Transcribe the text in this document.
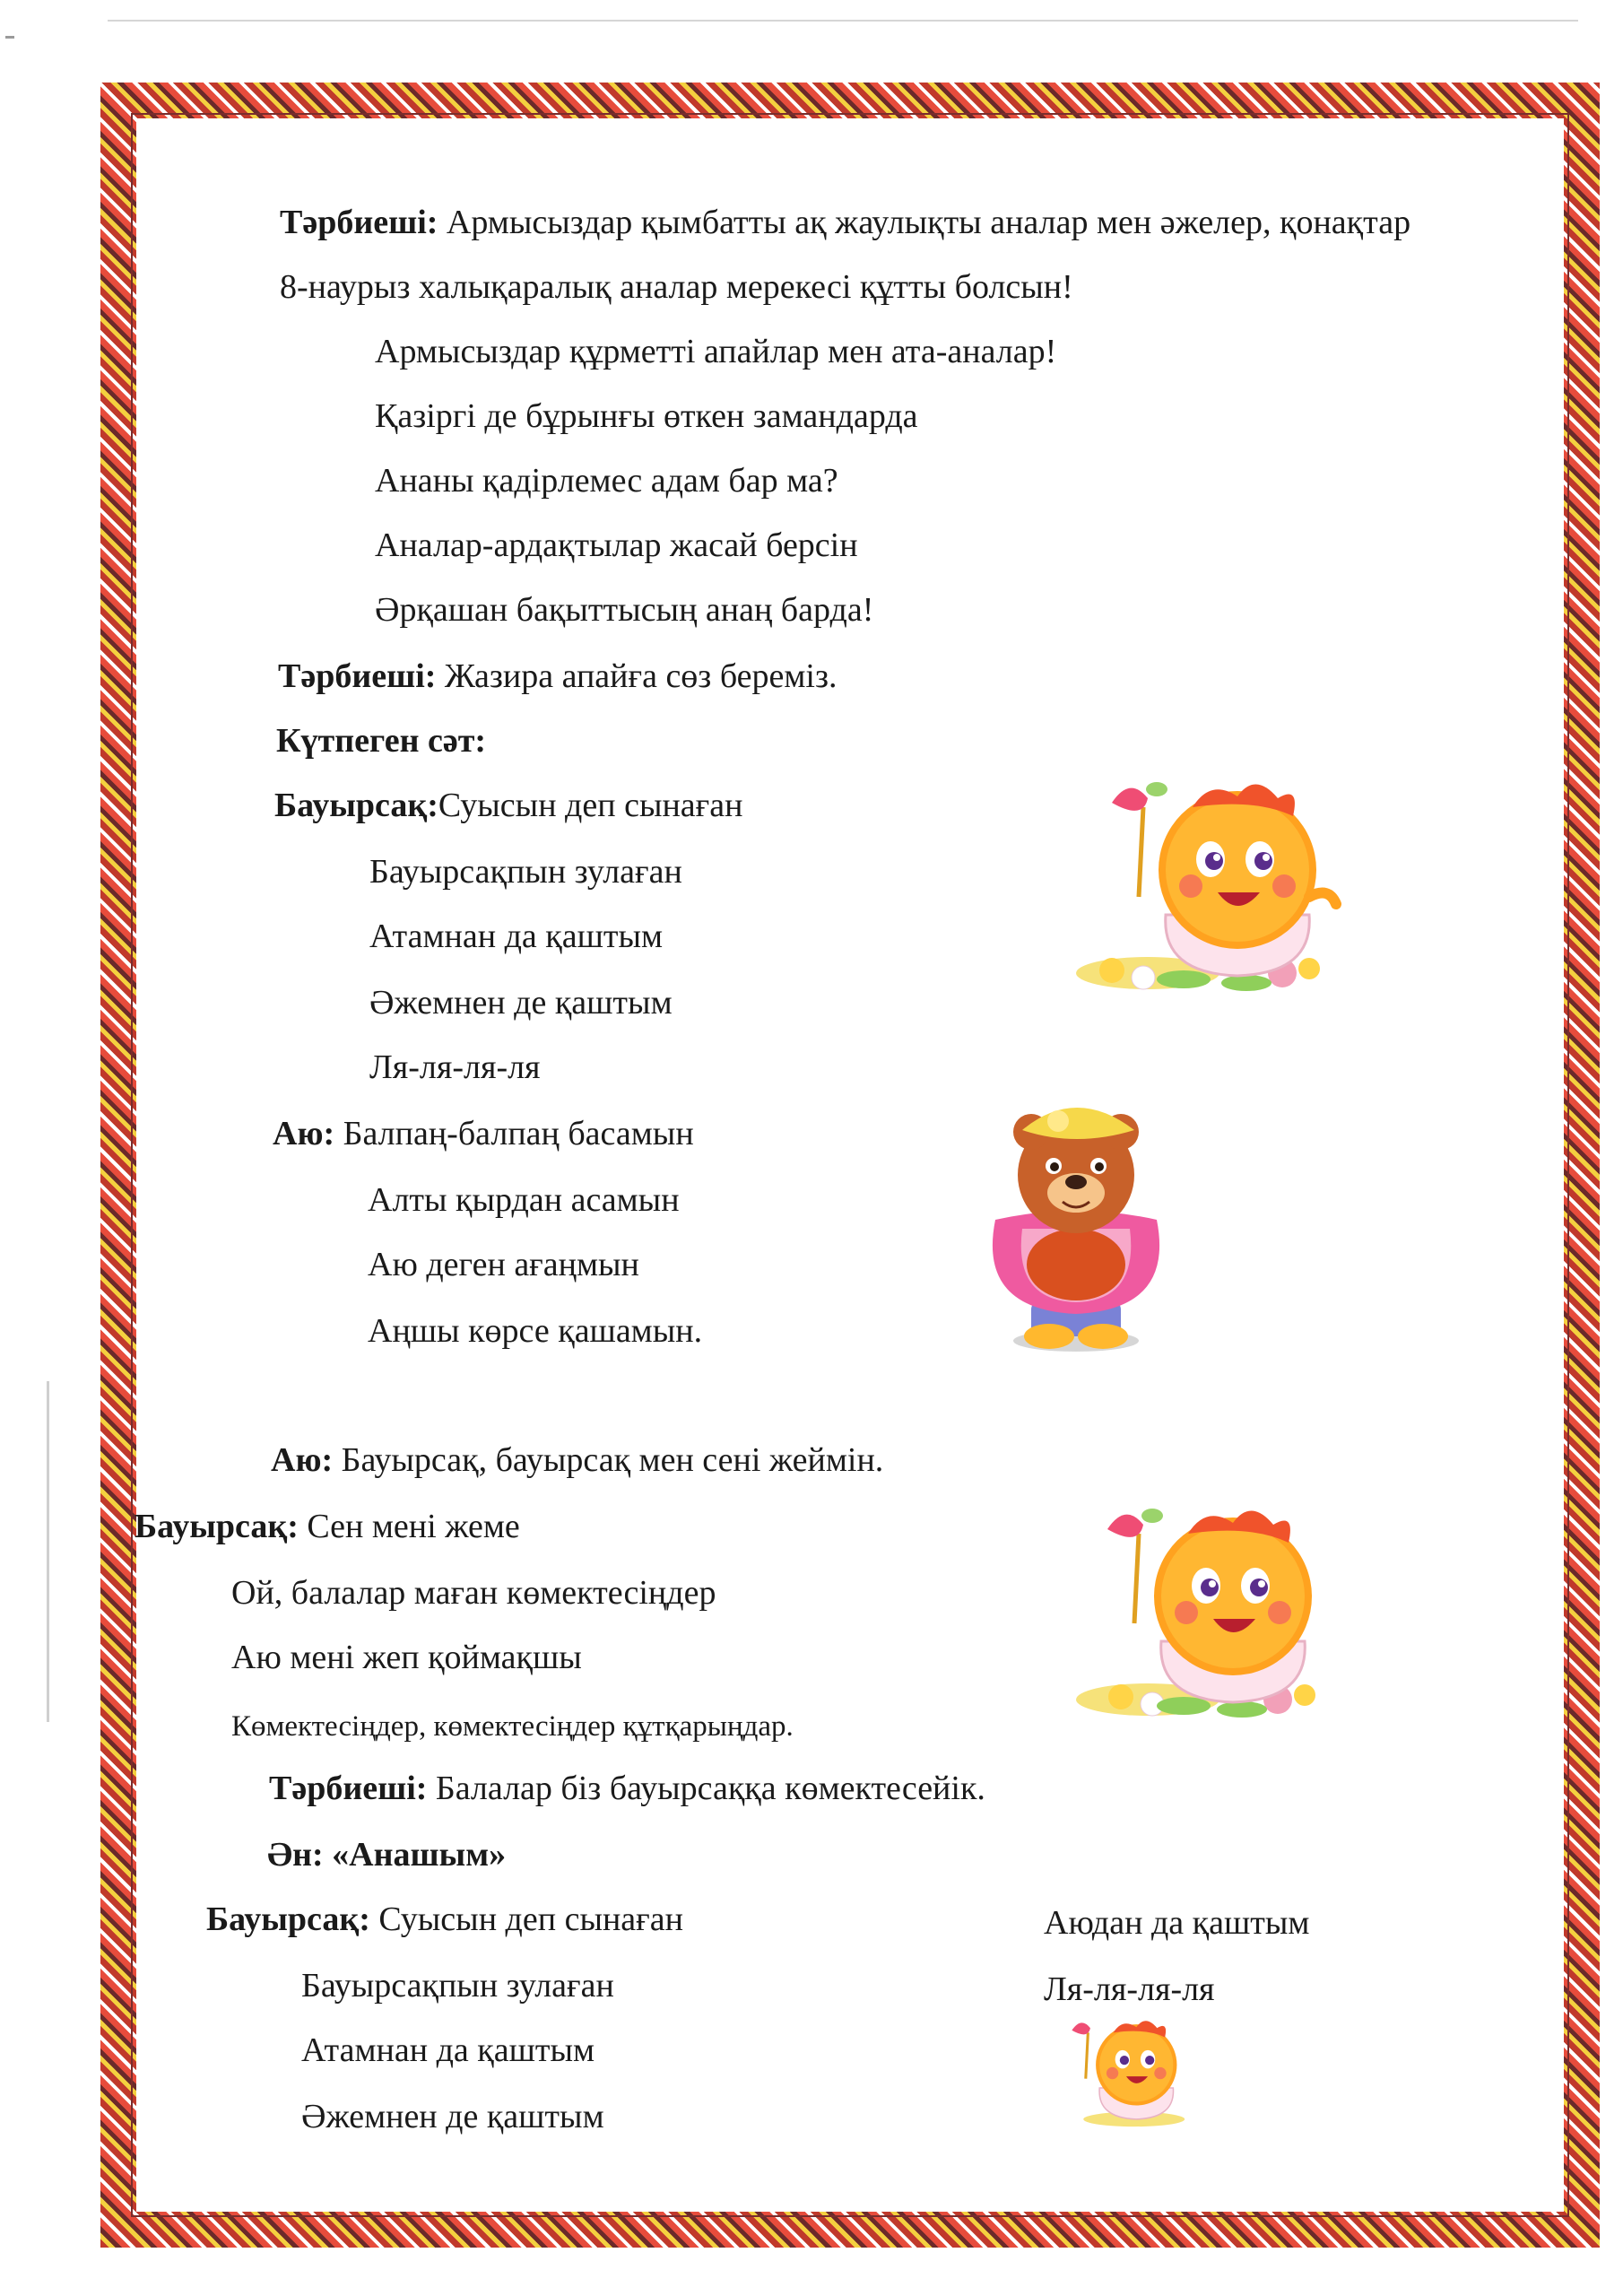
Тәрбиеші: Армысыздар қымбатты ақ жаулықты аналар мен әжелер, қонақтар
8-наурыз халықаралық аналар мерекесі құтты болсын!
Армысыздар құрметті апайлар мен ата-аналар!
Қазіргі де бұрынғы өткен замандарда
Ананы қадірлемес адам бар ма?
Аналар-ардақтылар жасай берсін
Әрқашан бақыттысың анаң барда!
Тәрбиеші: Жазира апайға сөз береміз.
Күтпеген сәт:
Бауырсақ:Суысын деп сынаған
Бауырсақпын зулаған
Атамнан да қаштым
Әжемнен де қаштым
Ля-ля-ля-ля
Аю: Балпаң-балпаң басамын
Алты қырдан асамын
Аю деген ағаңмын
Аңшы көрсе қашамын.
Аю: Бауырсақ, бауырсақ мен сені жеймін.
Бауырсақ: Сен мені жеме
Ой, балалар маған көмектесіңдер
Аю мені жеп қоймақшы
Көмектесіңдер, көмектесіңдер құтқарыңдар.
Тәрбиеші: Балалар біз бауырсаққа көмектесейік.
Ән: «Анашым»
Бауырсақ: Суысын деп сынаған
Бауырсақпын зулаған
Атамнан да қаштым
Әжемнен де қаштым
Аюдан да қаштым
Ля-ля-ля-ля
